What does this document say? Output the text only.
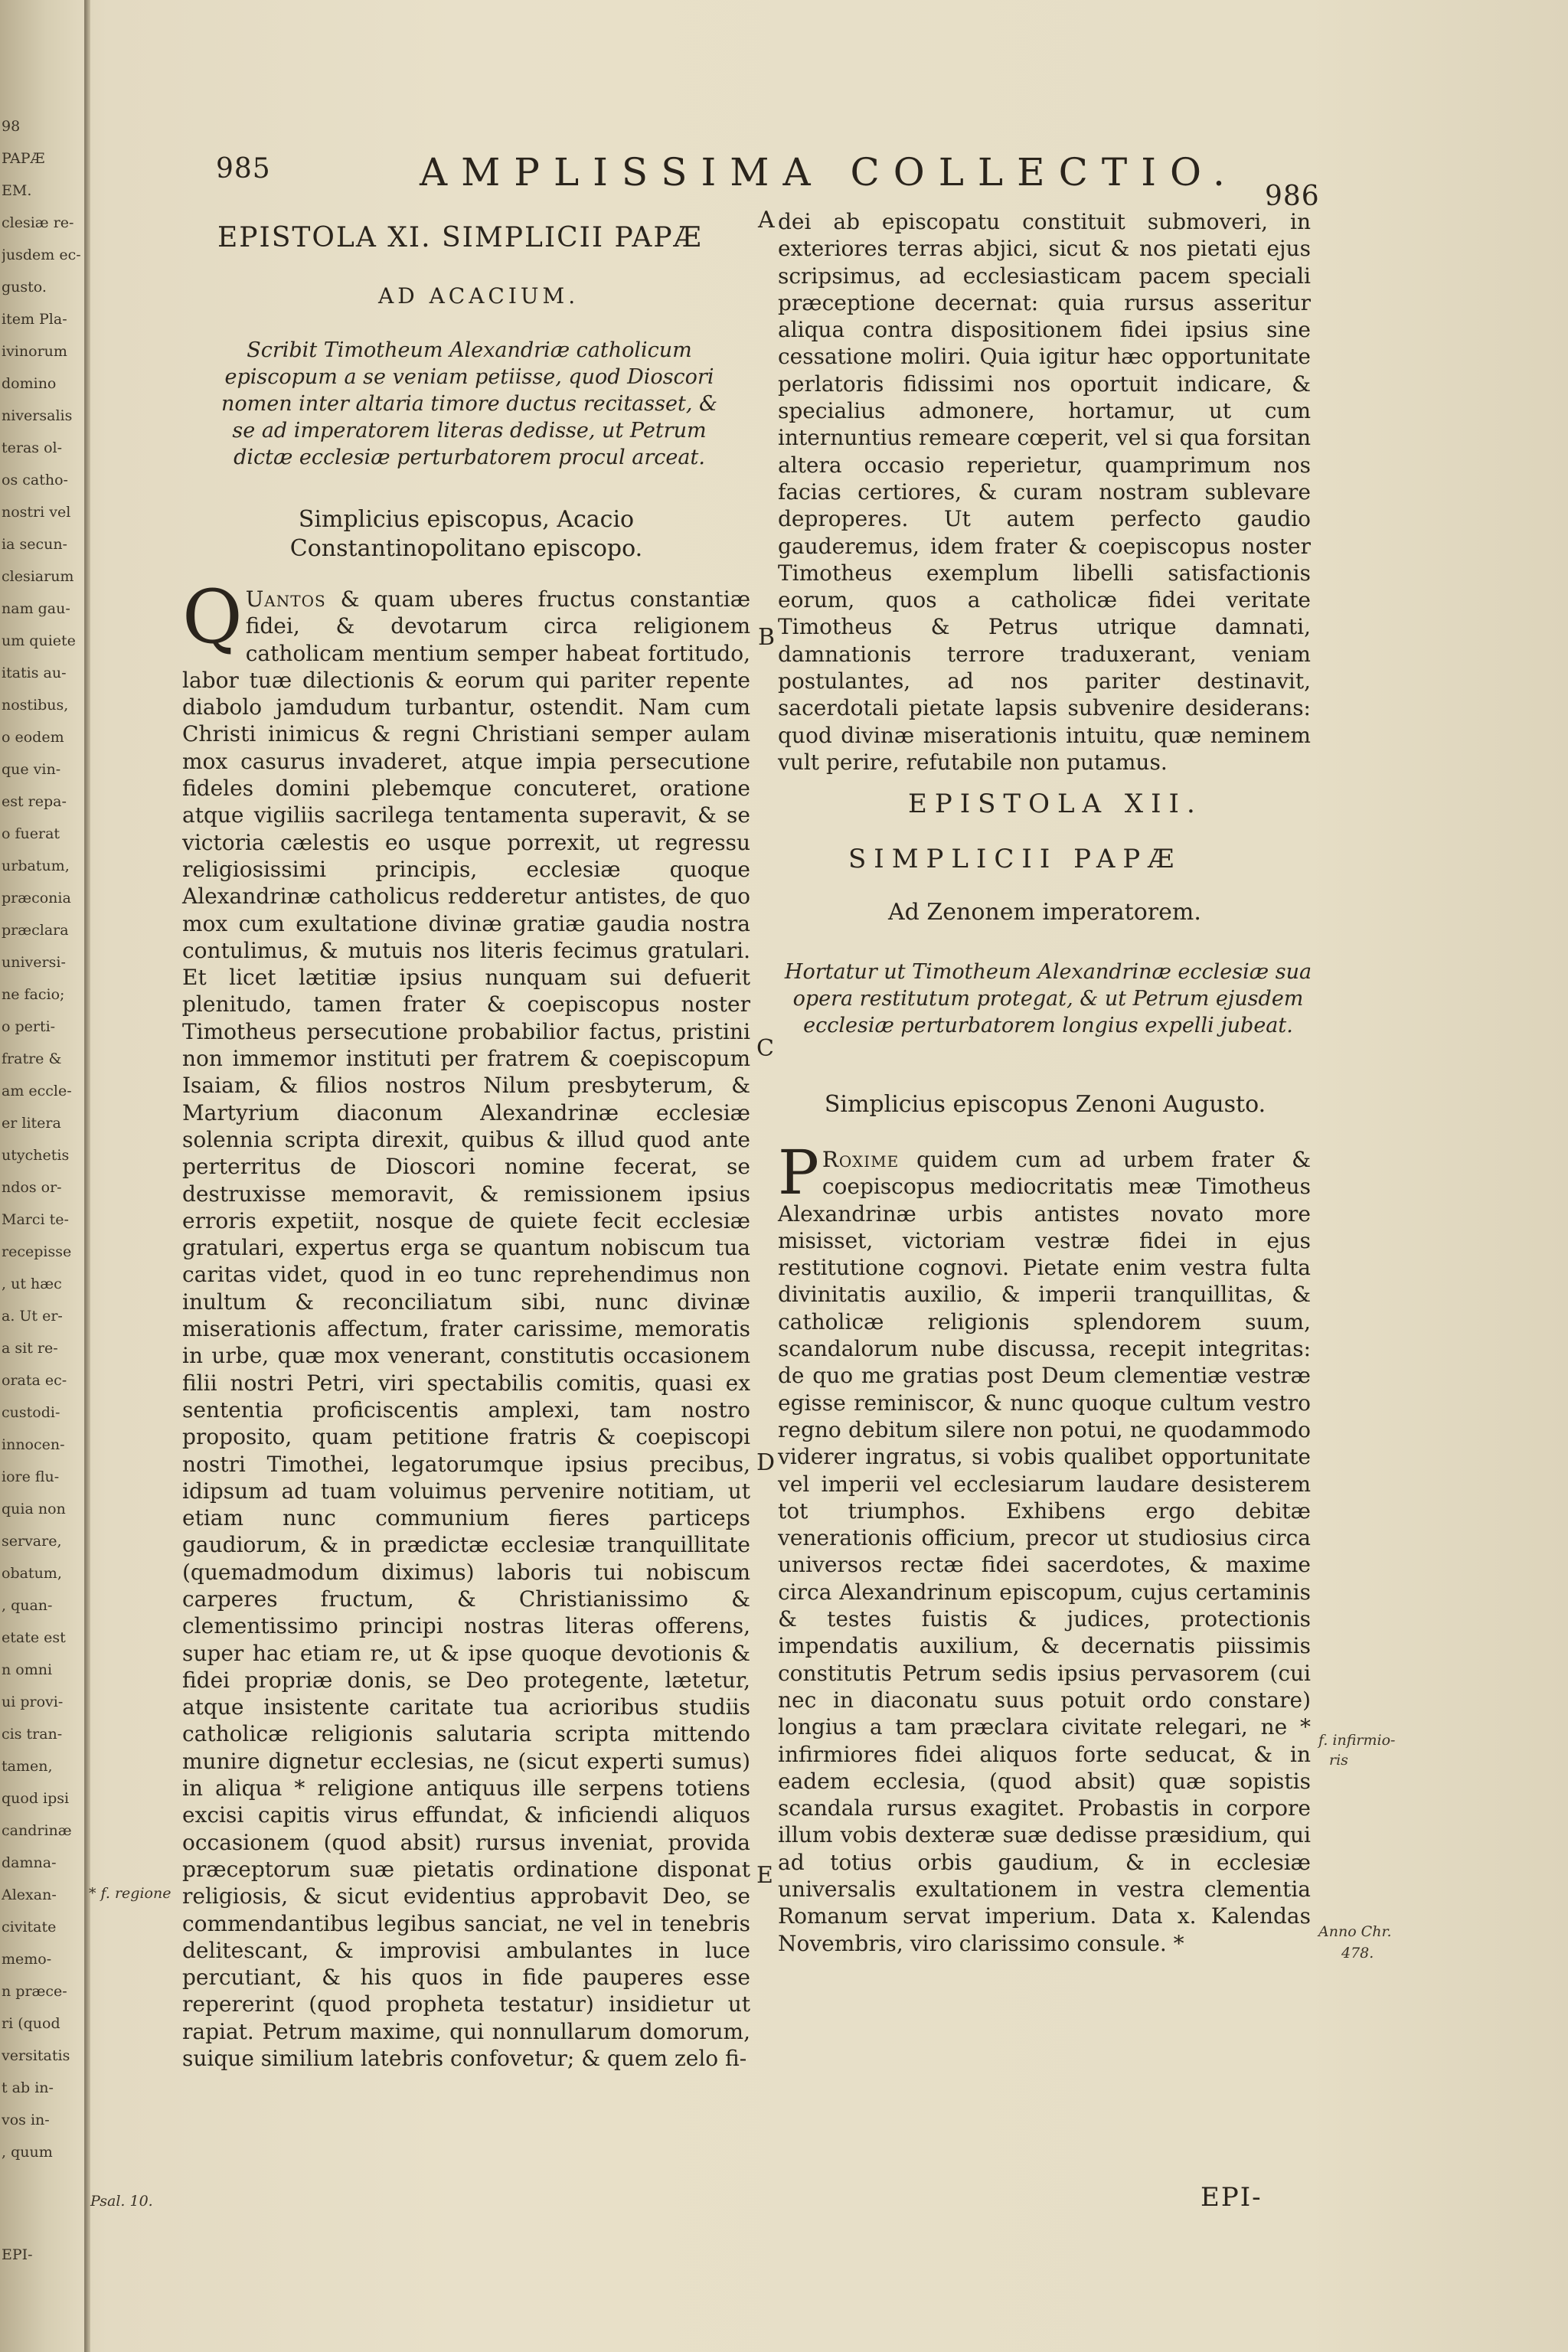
98
PAPÆ
EM.
clesiæ re-
jusdem ec-
gusto.
item Pla-
ivinorum
domino
niversalis
teras ol-
os catho-
nostri vel
ia secun-
clesiarum
nam gau-
um quiete
itatis au-
nostibus,
o eodem
que vin-
est repa-
o fuerat
urbatum,
præconia
præclara
universi-
ne facio;
o perti-
fratre &
am eccle-
er litera
utychetis
ndos or-
Marci te-
recepisse
, ut hæc
a. Ut er-
a sit re-
orata ec-
custodi-
innocen-
iore flu-
quia non
servare,
obatum,
, quan-
etate est
n omni
ui provi-
cis tran-
tamen,
quod ipsi
candrinæ
damna-
Alexan-
civitate
memo-
n præce-
ri (quod
versitatis
t ab in-
vos in-
, quum
EPI-
985	AMPLISSIMA COLLECTIO.
986
EPISTOLA XI. SIMPLICII PAPÆ
AD ACACIUM.
Scribit Timotheum Alexandriæ catholicum episcopum a se veniam petiisse, quod Dioscori nomen inter altaria timore ductus recitasset, & se ad imperatorem literas dedisse, ut Petrum dictæ ecclesiæ perturbatorem procul arceat.
Simplicius episcopus, Acacio Constantinopolitano episcopo.

Q Uantos & quam uberes fructus constantiæ fidei, & devotarum circa religionem catholicam mentium semper habeat fortitudo, labor tuæ dilectionis & eorum qui pariter repente diabolo jamdudum turbantur, ostendit. Nam cum Christi inimicus & regni Christiani semper aulam mox casurus invaderet, atque impia persecutione fideles domini plebemque concuteret, oratione atque vigiliis sacrilega tentamenta superavit, & se victoria cælestis eo usque porrexit, ut regressu religiosissimi principis, ecclesiæ quoque Alexandrinæ catholicus redderetur antistes, de quo mox cum exultatione divinæ gratiæ gaudia nostra contulimus, & mutuis nos literis fecimus gratulari. Et licet lætitiæ ipsius nunquam sui defuerit plenitudo, tamen frater & coepiscopus noster Timotheus persecutione probabilior factus, pristini non immemor instituti per fratrem & coepiscopum Isaiam, & filios nostros Nilum presbyterum, & Martyrium diaconum Alexandrinæ ecclesiæ solennia scripta direxit, quibus & illud quod ante perterritus de Dioscori nomine fecerat, se destruxisse memoravit, & remissionem ipsius erroris expetiit, nosque de quiete fecit ecclesiæ gratulari, expertus erga se quantum nobiscum tua caritas videt, quod in eo tunc reprehendimus non inultum & reconciliatum sibi, nunc divinæ miserationis affectum, frater carissime, memoratis in urbe, quæ mox venerant, constitutis occasionem filii nostri Petri, viri spectabilis comitis, quasi ex sententia proficiscentis amplexi, tam nostro proposito, quam petitione fratris & coepiscopi nostri Timothei, legatorumque ipsius precibus, idipsum ad tuam voluimus pervenire notitiam, ut etiam nunc communium fieres particeps gaudiorum, & in prædictæ ecclesiæ tranquillitate (quemadmodum diximus) laboris tui nobiscum carperes fructum, & Christianissimo & clementissimo principi nostras literas offerens, super hac etiam re, ut & ipse quoque devotionis & fidei propriæ donis, se Deo protegente, lætetur, atque insistente caritate tua acrioribus studiis catholicæ religionis salutaria scripta mittendo munire dignetur ecclesias, ne (sicut experti sumus) in aliqua * religione antiquus ille serpens totiens excisi capitis virus effundat, & inficiendi aliquos occasionem (quod absit) rursus inveniat, provida præceptorum suæ pietatis ordinatione disponat religiosis, & sicut evidentius approbavit Deo, se commendantibus legibus sanciat, ne vel in tenebris delitescant, & improvisi ambulantes in luce percutiant, & his quos in fide pauperes esse repererint (quod propheta testatur) insidietur ut rapiat. Petrum maxime, qui nonnullarum domorum, suique similium latebris confovetur; & quem zelo fi-

dei ab episcopatu constituit submoveri, in exteriores terras abjici, sicut & nos pietati ejus scripsimus, ad ecclesiasticam pacem speciali præceptione decernat: quia rursus asseritur aliqua contra dispositionem fidei ipsius sine cessatione moliri. Quia igitur hæc opportunitate perlatoris fidissimi nos oportuit indicare, & specialius admonere, hortamur, ut cum internuntius remeare cœperit, vel si qua forsitan altera occasio reperietur, quamprimum nos facias certiores, & curam nostram sublevare deproperes. Ut autem perfecto gaudio gauderemus, idem frater & coepiscopus noster Timotheus exemplum libelli satisfactionis eorum, quos a catholicæ fidei veritate Timotheus & Petrus utrique damnati, damnationis terrore traduxerant, veniam postulantes, ad nos pariter destinavit, sacerdotali pietate lapsis subvenire desiderans: quod divinæ miserationis intuitu, quæ neminem vult perire, refutabile non putamus.

EPISTOLA XII.
SIMPLICII PAPÆ
Ad Zenonem imperatorem.
Hortatur ut Timotheum Alexandrinæ ecclesiæ sua opera restitutum protegat, & ut Petrum ejusdem ecclesiæ perturbatorem longius expelli jubeat.
Simplicius episcopus Zenoni Augusto.

P Roxime quidem cum ad urbem frater & coepiscopus mediocritatis meæ Timotheus Alexandrinæ urbis antistes novato more misisset, victoriam vestræ fidei in ejus restitutione cognovi. Pietate enim vestra fulta divinitatis auxilio, & imperii tranquillitas, & catholicæ religionis splendorem suum, scandalorum nube discussa, recepit integritas: de quo me gratias post Deum clementiæ vestræ egisse reminiscor, & nunc quoque cultum vestro regno debitum silere non potui, ne quodammodo viderer ingratus, si vobis qualibet opportunitate vel imperii vel ecclesiarum laudare desisterem tot triumphos. Exhibens ergo debitæ venerationis officium, precor ut studiosius circa universos rectæ fidei sacerdotes, & maxime circa Alexandrinum episcopum, cujus certaminis & testes fuistis & judices, protectionis impendatis auxilium, & decernatis piissimis constitutis Petrum sedis ipsius pervasorem (cui nec in diaconatu suus potuit ordo constare) longius a tam præclara civitate relegari, ne * infirmiores fidei aliquos forte seducat, & in eadem ecclesia, (quod absit) quæ sopistis scandala rursus exagitet. Probastis in corpore illum vobis dexteræ suæ dedisse præsidium, qui ad totius orbis gaudium, & in ecclesiæ universalis exultationem in vestra clementia Romanum servat imperium. Data x. Kalendas Novembris, viro clarissimo consule. *

A
B
C
D
E
* f. regione
Psal. 10.
f. infirmio-
ris
Anno Chr.
478.
EPI-
